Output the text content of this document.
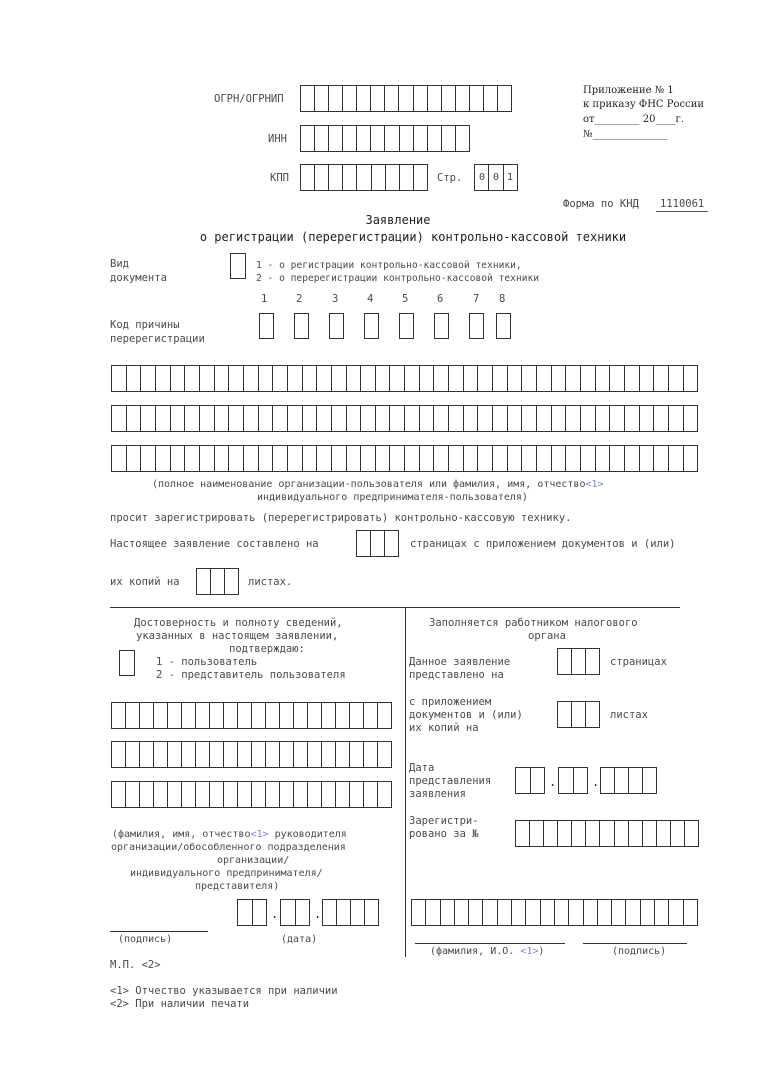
Приложение № 1
к приказу ФНС России
от_________ 20____г.
№_______________
ОГРН/ОГРНИП
ИНН
КПП	Стр.	0 0 1
Форма по КНД	1110061
Заявление
о регистрации (перерегистрации) контрольно-кассовой техники
Вид
документа
1 - о регистрации контрольно-кассовой техники,
2 - о перерегистрации контрольно-кассовой техники
1	2	3	4	5	6	7 8
Код причины
перерегистрации
(полное наименование организации-пользователя или фамилия, имя, отчество<1>
индивидуального предпринимателя-пользователя)
просит зарегистрировать (перерегистрировать) контрольно-кассовую технику.
Настоящее заявление составлено на	страницах с приложением документов и (или)
их копий на	листах.
Достоверность и полноту сведений,
указанных в настоящем заявлении,
подтверждаю:
1 - пользователь
2 - представитель пользователя
(фамилия, имя, отчество<1> руководителя
организации/обособленного подразделения
организации/
индивидуального предпринимателя/
представителя)
.	.
(подпись)	(дата)
Заполняется работником налогового
органа
Данное заявление
представлено на
страницах
с приложением
документов и (или)
их копий на
листах
Дата
представления
заявления
.	.
Зарегистри-
ровано за №
(фамилия, И.О. <1>)	(подпись)
М.П. <2>
<1> Отчество указывается при наличии
<2> При наличии печати
